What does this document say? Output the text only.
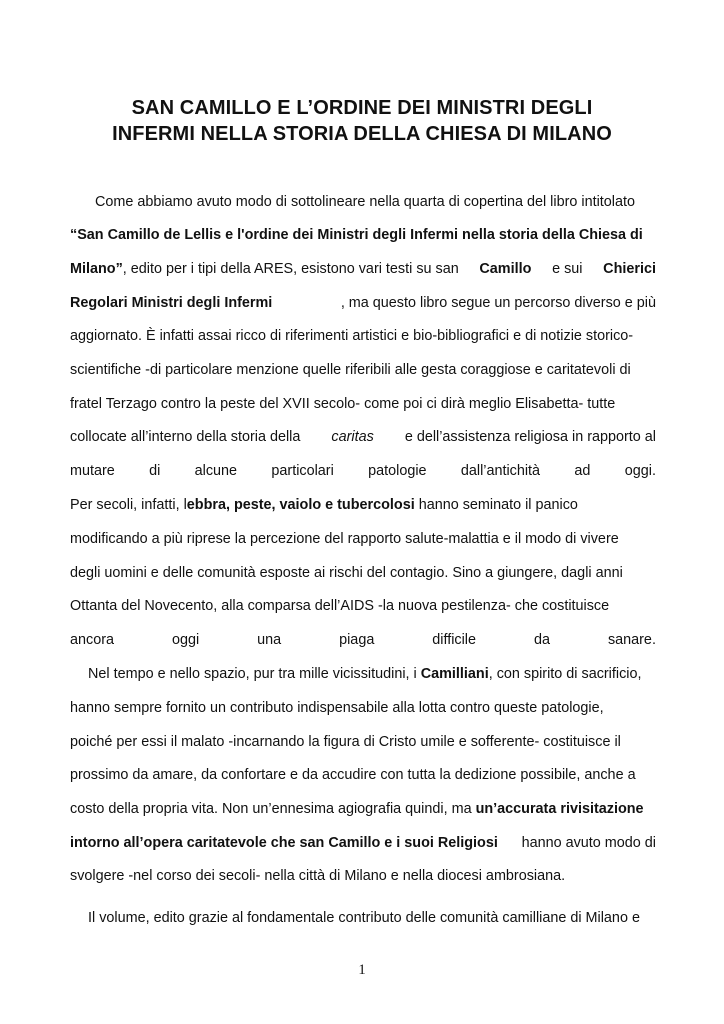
SAN CAMILLO E L’ORDINE DEI MINISTRI DEGLI
INFERMI NELLA STORIA DELLA CHIESA DI MILANO
Come abbiamo avuto modo di sottolineare nella quarta di copertina del libro intitolato
“San Camillo de Lellis e l'ordine dei Ministri degli Infermi nella storia della Chiesa di
Milano”, edito per i tipi della ARES, esistono vari testi su san Camillo e sui Chierici
Regolari Ministri degli Infermi	, ma questo libro segue un percorso diverso e più
aggiornato. È infatti assai ricco di riferimenti artistici e bio-bibliografici e di notizie storico-
scientifiche -di particolare menzione quelle riferibili alle gesta coraggiose e caritatevoli di
fratel Terzago contro la peste del XVII secolo- come poi ci dirà meglio Elisabetta- tutte
collocate all’interno della storia della caritas e dell’assistenza religiosa in rapporto al
mutare di alcune particolari patologie dall’antichità ad oggi.
Per secoli, infatti, lebbra, peste, vaiolo e tubercolosi hanno seminato il panico
modificando a più riprese la percezione del rapporto salute-malattia e il modo di vivere
degli uomini e delle comunità esposte ai rischi del contagio. Sino a giungere, dagli anni
Ottanta del Novecento, alla comparsa dell’AIDS -la nuova pestilenza- che costituisce
ancora	oggi	una	piaga	difficile	da	sanare.
Nel tempo e nello spazio, pur tra mille vicissitudini, i Camilliani, con spirito di sacrificio,
hanno sempre fornito un contributo indispensabile alla lotta contro queste patologie,
poiché per essi il malato -incarnando la figura di Cristo umile e sofferente- costituisce il
prossimo da amare, da confortare e da accudire con tutta la dedizione possibile, anche a
costo della propria vita. Non un’ennesima agiografia quindi, ma un’accurata rivisitazione
intorno all’opera caritatevole che san Camillo e i suoi Religiosi hanno avuto modo di
svolgere -nel corso dei secoli- nella città di Milano e nella diocesi ambrosiana.
Il volume, edito grazie al fondamentale contributo delle comunità camilliane di Milano e
1
